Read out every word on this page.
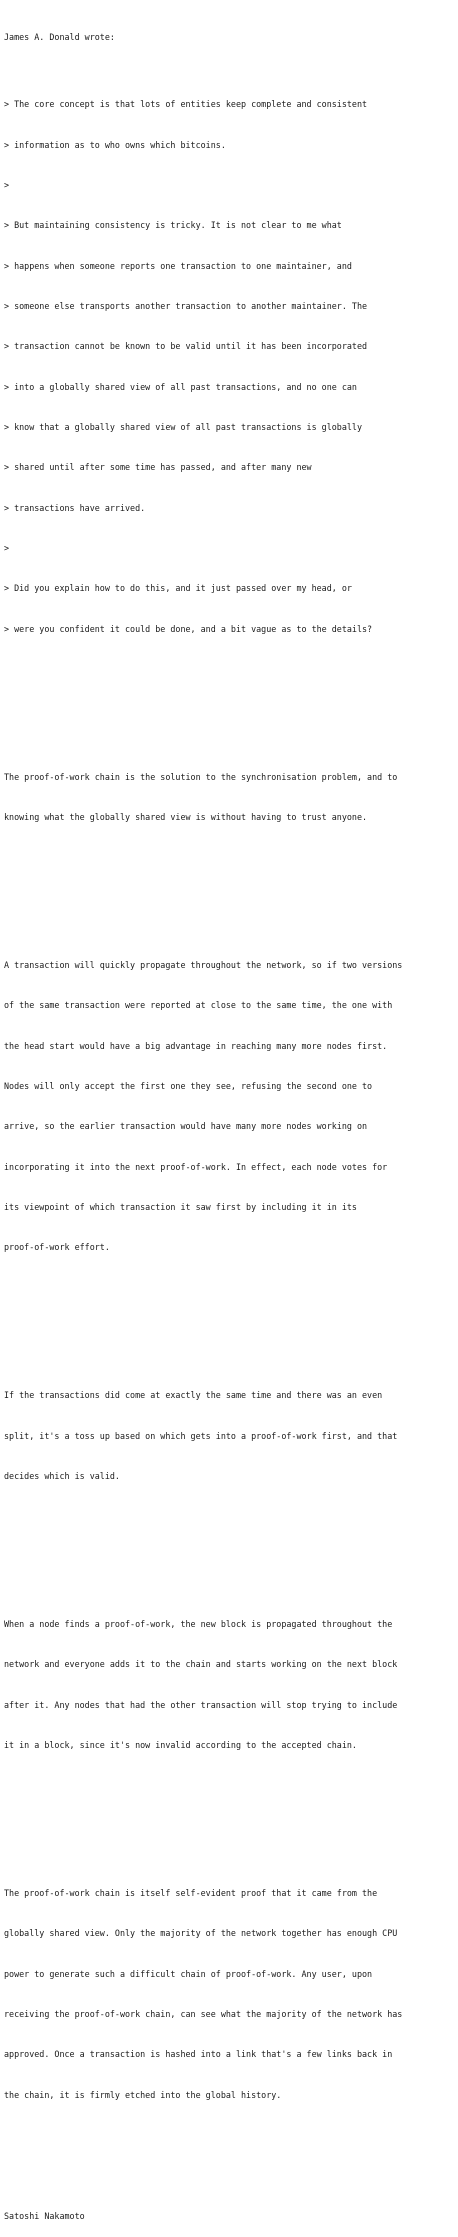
James A. Donald wrote:

> The core concept is that lots of entities keep complete and consistent

> information as to who owns which bitcoins.

>

> But maintaining consistency is tricky. It is not clear to me what

> happens when someone reports one transaction to one maintainer, and

> someone else transports another transaction to another maintainer. The

> transaction cannot be known to be valid until it has been incorporated

> into a globally shared view of all past transactions, and no one can

> know that a globally shared view of all past transactions is globally

> shared until after some time has passed, and after many new

> transactions have arrived.

>

> Did you explain how to do this, and it just passed over my head, or

> were you confident it could be done, and a bit vague as to the details?

The proof-of-work chain is the solution to the synchronisation problem, and to

knowing what the globally shared view is without having to trust anyone.

A transaction will quickly propagate throughout the network, so if two versions

of the same transaction were reported at close to the same time, the one with

the head start would have a big advantage in reaching many more nodes first.

Nodes will only accept the first one they see, refusing the second one to

arrive, so the earlier transaction would have many more nodes working on

incorporating it into the next proof-of-work. In effect, each node votes for

its viewpoint of which transaction it saw first by including it in its

proof-of-work effort.

If the transactions did come at exactly the same time and there was an even

split, it's a toss up based on which gets into a proof-of-work first, and that

decides which is valid.

When a node finds a proof-of-work, the new block is propagated throughout the

network and everyone adds it to the chain and starts working on the next block

after it. Any nodes that had the other transaction will stop trying to include

it in a block, since it's now invalid according to the accepted chain.

The proof-of-work chain is itself self-evident proof that it came from the

globally shared view. Only the majority of the network together has enough CPU

power to generate such a difficult chain of proof-of-work. Any user, upon

receiving the proof-of-work chain, can see what the majority of the network has

approved. Once a transaction is hashed into a link that's a few links back in

the chain, it is firmly etched into the global history.

Satoshi Nakamoto
